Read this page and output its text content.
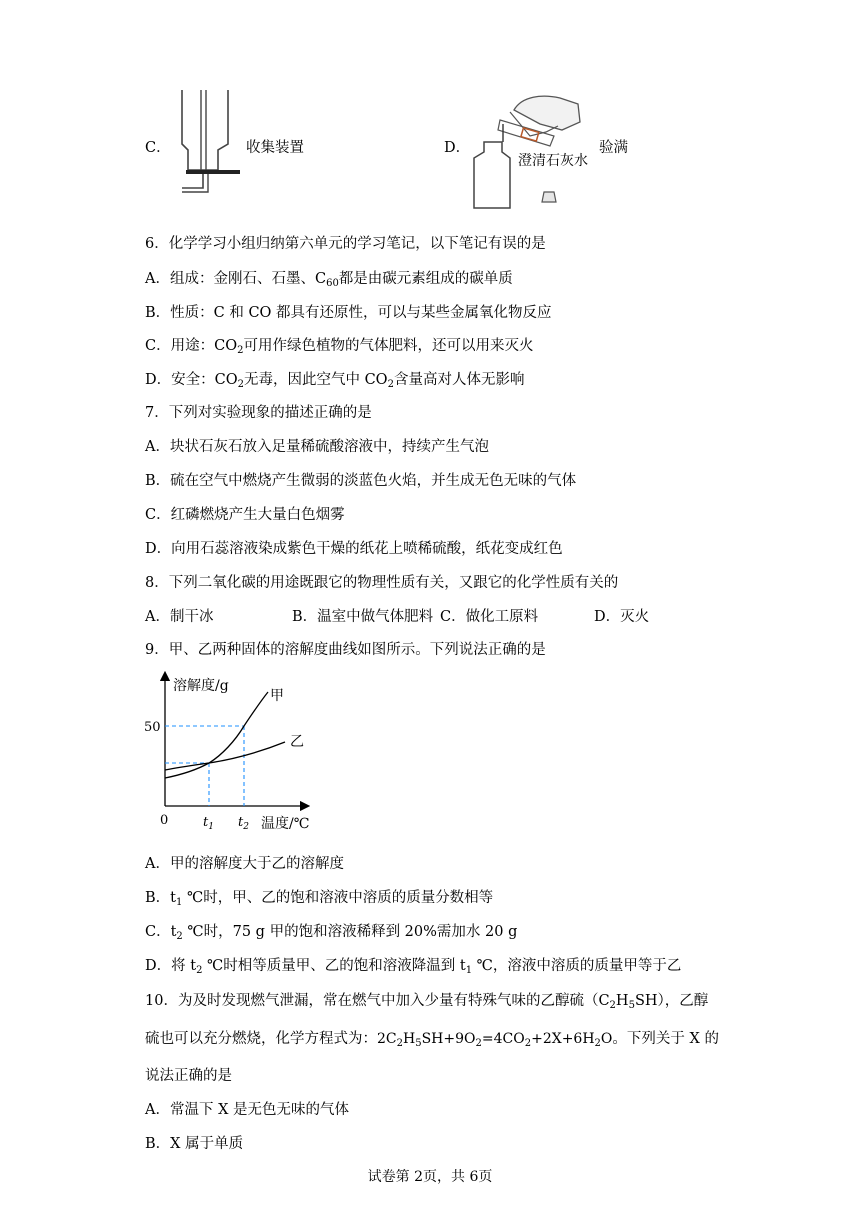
C．	收集装置	D．
澄清石灰水
验满
6．化学学习小组归纳第六单元的学习笔记，以下笔记有误的是
A．组成：金刚石、石墨、$C_{60}$都是由碳元素组成的碳单质
B．性质：C 和 CO 都具有还原性，可以与某些金属氧化物反应
C．用途：$CO_2$可用作绿色植物的气体肥料，还可以用来灭火
D．安全：$CO_2$无毒，因此空气中 $CO_2$含量高对人体无影响
7．下列对实验现象的描述正确的是
A．块状石灰石放入足量稀硫酸溶液中，持续产生气泡
B．硫在空气中燃烧产生微弱的淡蓝色火焰，并生成无色无味的气体
C．红磷燃烧产生大量白色烟雾
D．向用石蕊溶液染成紫色干燥的纸花上喷稀硫酸，纸花变成红色
8．下列二氧化碳的用途既跟它的物理性质有关，又跟它的化学性质有关的
A．制干冰	B．温室中做气体肥料 C．做化工原料	D．灭火
9．甲、乙两种固体的溶解度曲线如图所示。下列说法正确的是
溶解度/g
50
0	$t_1$ $t_2$ 温度/℃
甲
乙
A．甲的溶解度大于乙的溶解度
B．$t_1$ ℃时，甲、乙的饱和溶液中溶质的质量分数相等
C．$t_2$ ℃时，75 g 甲的饱和溶液稀释到 20%需加水 20 g
D．将 $t_2$ ℃时相等质量甲、乙的饱和溶液降温到 $t_1$ ℃，溶液中溶质的质量甲等于乙
10．为及时发现燃气泄漏，常在燃气中加入少量有特殊气味的乙醇硫$(C_2H_5SH)$，乙醇
硫也可以充分燃烧，化学方程式为：$2C_2H_5SH+9O_2=4CO_2+2X+6H_2O$。下列关于 X 的
说法正确的是
A．常温下 X 是无色无味的气体
B．X 属于单质
试卷第 2页，共 6页
